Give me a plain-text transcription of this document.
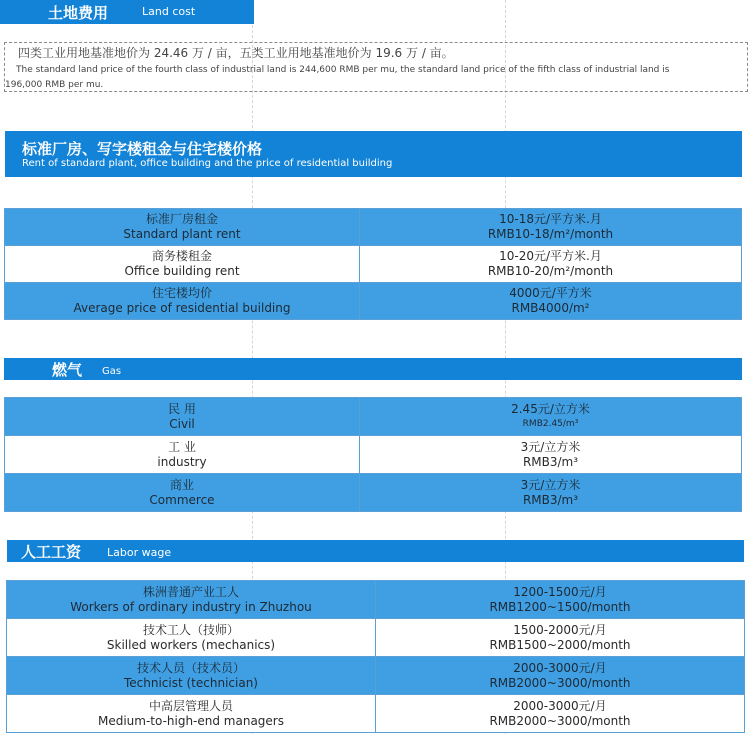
土地费用	Land cost
四类工业用地基准地价为 24.46 万 / 亩，五类工业用地基准地价为 19.6 万 / 亩。
The standard land price of the fourth class of industrial land is 244,600 RMB per mu, the standard land price of the fifth class of industrial land is
196,000 RMB per mu.
标准厂房、写字楼租金与住宅楼价格
Rent of standard plant, office building and the price of residential building
标准厂房租金
Standard plant rent	10-18元/平方米.月
RMB10-18/m²/month

商务楼租金
Office building rent	10-20元/平方米.月
RMB10-20/m²/month

住宅楼均价
Average price of residential building	4000元/平方米
RMB4000/m²
燃气 Gas
民 用
Civil	2.45元/立方米
RMB2.45/m³

工 业
industry	3元/立方米
RMB3/m³

商业
Commerce	3元/立方米
RMB3/m³
人工工资 Labor wage
株洲普通产业工人
Workers of ordinary industry in Zhuzhou	1200-1500元/月
RMB1200~1500/month

技术工人（技师）
Skilled workers (mechanics)	1500-2000元/月
RMB1500~2000/month

技术人员（技术员）
Technicist (technician)	2000-3000元/月
RMB2000~3000/month

中高层管理人员
Medium-to-high-end managers	2000-3000元/月
RMB2000~3000/month
